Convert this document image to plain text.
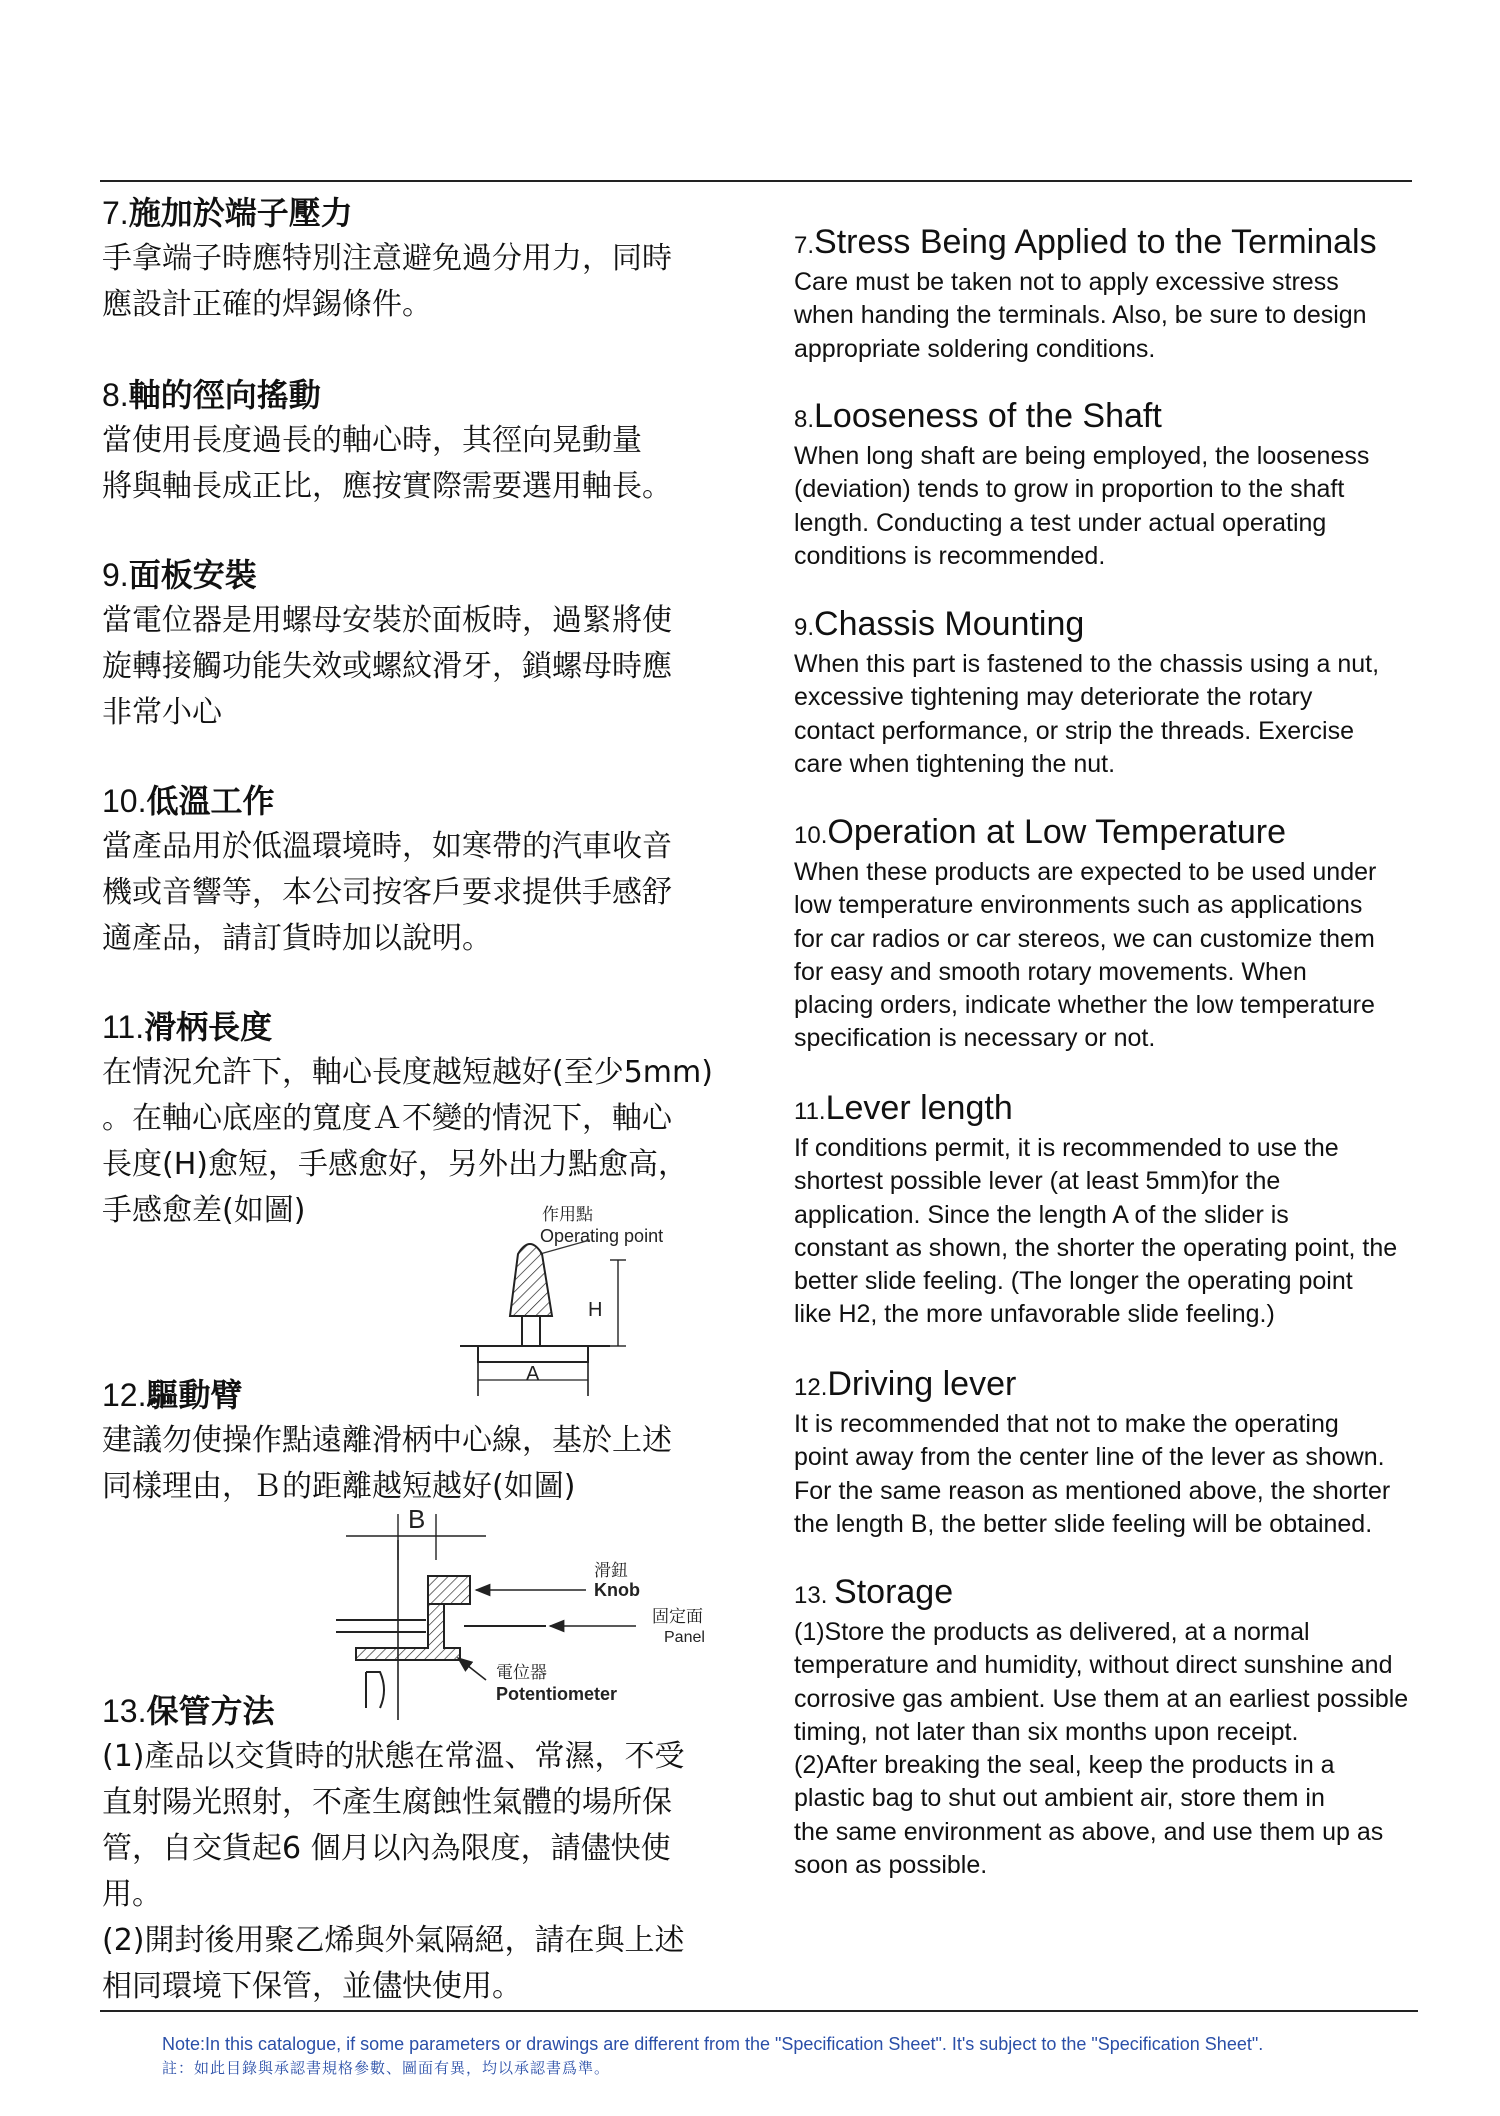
7.施加於端子壓力

手拿端子時應特別注意避免過分用力，同時
應設計正確的焊錫條件。

8.軸的徑向搖動

當使用長度過長的軸心時，其徑向晃動量
將與軸長成正比，應按實際需要選用軸長。

9.面板安裝

當電位器是用螺母安裝於面板時，過緊將使
旋轉接觸功能失效或螺紋滑牙，鎖螺母時應
非常小心

10.低溫工作

當產品用於低溫環境時，如寒帶的汽車收音
機或音響等，本公司按客戶要求提供手感舒
適產品，請訂貨時加以說明。

11.滑柄長度

在情況允許下，軸心長度越短越好(至少5mm)
。在軸心底座的寬度Ａ不變的情況下，軸心
長度(H)愈短，手感愈好，另外出力點愈高，
手感愈差(如圖)

12.驅動臂

建議勿使操作點遠離滑柄中心線，基於上述
同樣理由，Ｂ的距離越短越好(如圖)

13.保管方法

(1)產品以交貨時的狀態在常溫、常濕，不受
直射陽光照射，不產生腐蝕性氣體的場所保
管，自交貨起6 個月以內為限度，請儘快使
用。
(2)開封後用聚乙烯與外氣隔絕，請在與上述
相同環境下保管，並儘快使用。

7.Stress Being Applied to the Terminals

Care must be taken not to apply excessive stress
when handing the terminals. Also, be sure to design
appropriate soldering conditions.

8.Looseness of the Shaft

When long shaft are being employed, the looseness
(deviation) tends to grow in proportion to the shaft
length. Conducting a test under actual operating
conditions is recommended.

9.Chassis Mounting

When this part is fastened to the chassis using a nut,
excessive tightening may deteriorate the rotary
contact performance, or strip the threads. Exercise
care when tightening the nut.

10.Operation at Low Temperature

When these products are expected to be used under
low temperature environments such as applications
for car radios or car stereos, we can customize them
for easy and smooth rotary movements. When
placing orders, indicate whether the low temperature
specification is necessary or not.

11.Lever length

If conditions permit, it is recommended to use the
shortest possible lever (at least 5mm)for the
application. Since the length A of the slider is
constant as shown, the shorter the operating point, the
better slide feeling. (The longer the operating point
like H2, the more unfavorable slide feeling.)

12.Driving lever

It is recommended that not to make the operating
point away from the center line of the lever as shown.
For the same reason as mentioned above, the shorter
the length B, the better slide feeling will be obtained.

13. Storage

(1)Store the products as delivered, at a normal
temperature and humidity, without direct sunshine and
corrosive gas ambient. Use them at an earliest possible
timing, not later than six months upon receipt.
(2)After breaking the seal, keep the products in a
plastic bag to shut out ambient air, store them in
the same environment as above, and use them up as
soon as possible.

作用點
Operating point
A
H
B
滑鈕
Knob
固定面
Panel
電位器
Potentiometer
Note:In this catalogue, if some parameters or drawings are different from the "Specification Sheet". It's subject to the "Specification Sheet".
註：如此目錄與承認書規格參數、圖面有異，均以承認書爲準。
